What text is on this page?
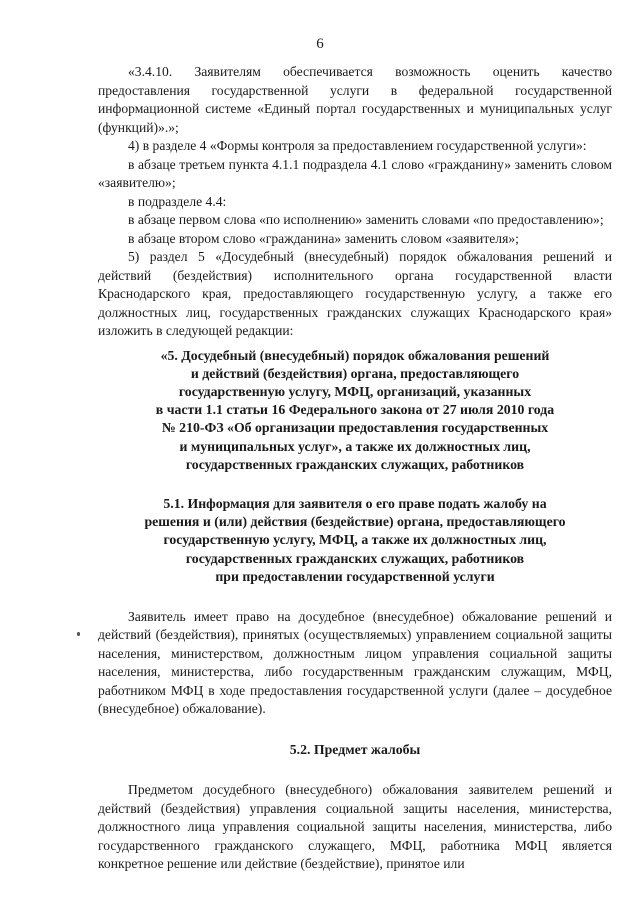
6

«3.4.10. Заявителям обеспечивается возможность оценить качество предоставления государственной услуги в федеральной государственной информационной системе «Единый портал государственных и муниципальных услуг (функций)».»;

4) в разделе 4 «Формы контроля за предоставлением государственной услуги»:

в абзаце третьем пункта 4.1.1 подраздела 4.1 слово «гражданину» заменить словом «заявителю»;

в подразделе 4.4:

в абзаце первом слова «по исполнению» заменить словами «по предоставлению»;

в абзаце втором слово «гражданина» заменить словом «заявителя»;

5) раздел 5 «Досудебный (внесудебный) порядок обжалования решений и действий (бездействия) исполнительного органа государственной власти Краснодарского края, предоставляющего государственную услугу, а также его должностных лиц, государственных гражданских служащих Краснодарского края» изложить в следующей редакции:

«5. Досудебный (внесудебный) порядок обжалования решений

и действий (бездействия) органа, предоставляющего

государственную услугу, МФЦ, организаций, указанных

в части 1.1 статьи 16 Федерального закона от 27 июля 2010 года

№ 210-ФЗ «Об организации предоставления государственных

и муниципальных услуг», а также их должностных лиц,

государственных гражданских служащих, работников

5.1. Информация для заявителя о его праве подать жалобу на

решения и (или) действия (бездействие) органа, предоставляющего

государственную услугу, МФЦ, а также их должностных лиц,

государственных гражданских служащих, работников

при предоставлении государственной услуги

Заявитель имеет право на досудебное (внесудебное) обжалование решений и действий (бездействия), принятых (осуществляемых) управлением социальной защиты населения, министерством, должностным лицом управления социальной защиты населения, министерства, либо государственным гражданским служащим, МФЦ, работником МФЦ в ходе предоставления государственной услуги (далее – досудебное (внесудебное) обжалование).

5.2. Предмет жалобы

Предметом досудебного (внесудебного) обжалования заявителем решений и действий (бездействия) управления социальной защиты населения, министерства, должностного лица управления социальной защиты населения, министерства, либо государственного гражданского служащего, МФЦ, работника МФЦ является конкретное решение или действие (бездействие), принятое или
